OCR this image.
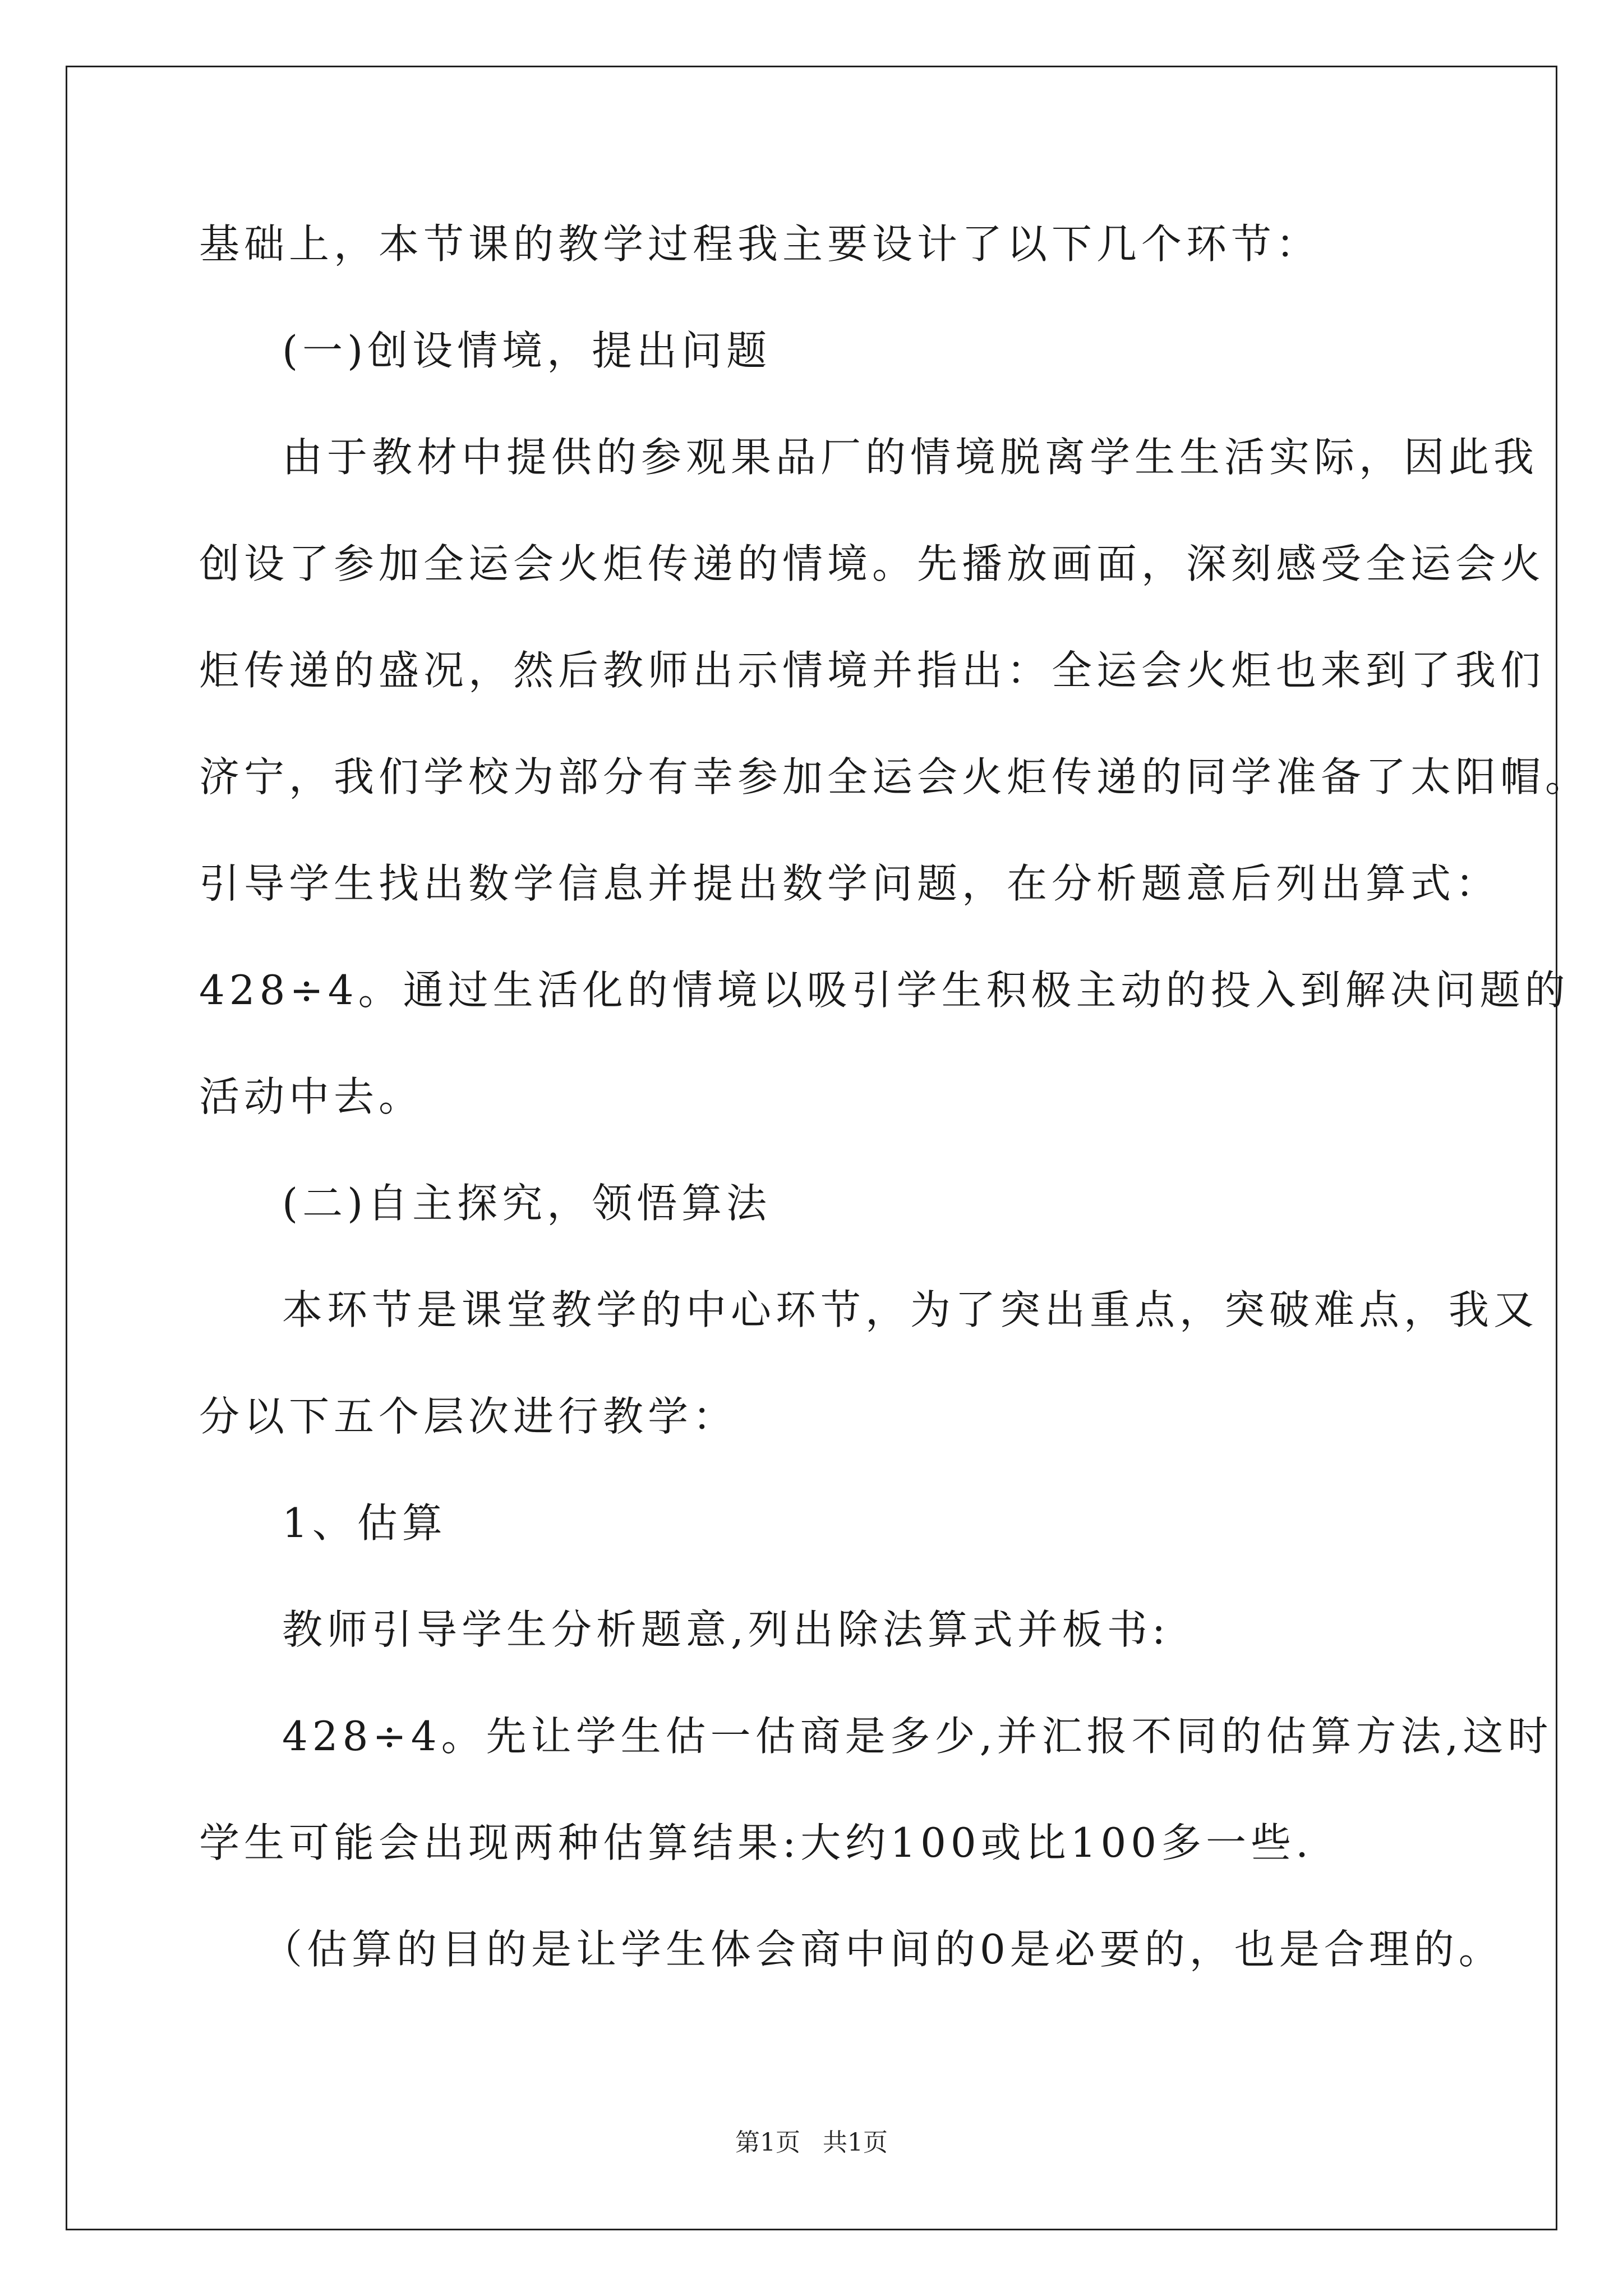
基础上，本节课的教学过程我主要设计了以下几个环节：
(一)创设情境，提出问题
由于教材中提供的参观果品厂的情境脱离学生生活实际，因此我
创设了参加全运会火炬传递的情境。先播放画面，深刻感受全运会火
炬传递的盛况，然后教师出示情境并指出：全运会火炬也来到了我们
济宁，我们学校为部分有幸参加全运会火炬传递的同学准备了太阳帽。
引导学生找出数学信息并提出数学问题，在分析题意后列出算式：
428÷4。通过生活化的情境以吸引学生积极主动的投入到解决问题的
活动中去。
(二)自主探究，领悟算法
本环节是课堂教学的中心环节，为了突出重点，突破难点，我又
分以下五个层次进行教学：
1、估算
教师引导学生分析题意,列出除法算式并板书:
428÷4。先让学生估一估商是多少,并汇报不同的估算方法,这时
学生可能会出现两种估算结果:大约100或比100多一些.
（估算的目的是让学生体会商中间的0是必要的，也是合理的。
第1页 共1页
